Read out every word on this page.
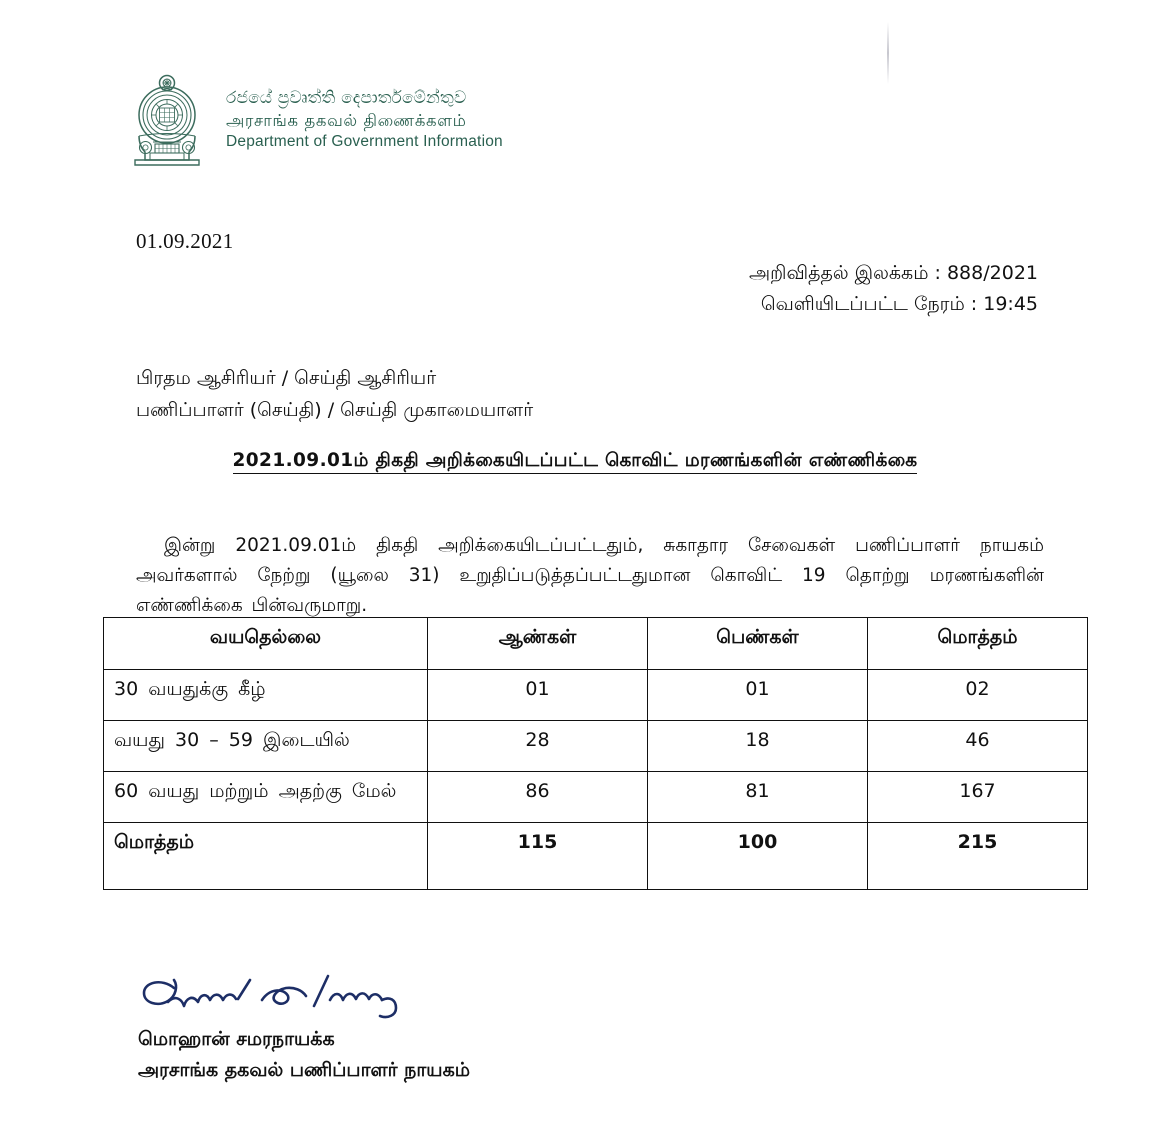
රජයේ ප්‍රවෘත්ති දෙපාර්තමේන්තුව
அரசாங்க தகவல் திணைக்களம்
Department of Government Information
01.09.2021
அறிவித்தல் இலக்கம் : 888/2021
வெளியிடப்பட்ட நேரம் : 19:45
பிரதம ஆசிரியர் / செய்தி ஆசிரியர்
பணிப்பாளர் (செய்தி) / செய்தி முகாமையாளர்
2021.09.01ம் திகதி அறிக்கையிடப்பட்ட கொவிட் மரணங்களின் எண்ணிக்கை

இன்று 2021.09.01ம் திகதி அறிக்கையிடப்பட்டதும், சுகாதார சேவைகள் பணிப்பாளர் நாயகம் அவர்களால் நேற்று (யூலை 31) உறுதிப்படுத்தப்பட்டதுமான கொவிட் 19 தொற்று மரணங்களின் எண்ணிக்கை பின்வருமாறு.

வயதெல்லை	ஆண்கள்	பெண்கள்	மொத்தம்
30 வயதுக்கு கீழ்	01	01	02
வயது 30 – 59 இடையில்	28	18	46
60 வயது மற்றும் அதற்கு மேல்	86	81	167
மொத்தம்	115	100	215
மொஹான் சமரநாயக்க
அரசாங்க தகவல் பணிப்பாளர் நாயகம்
